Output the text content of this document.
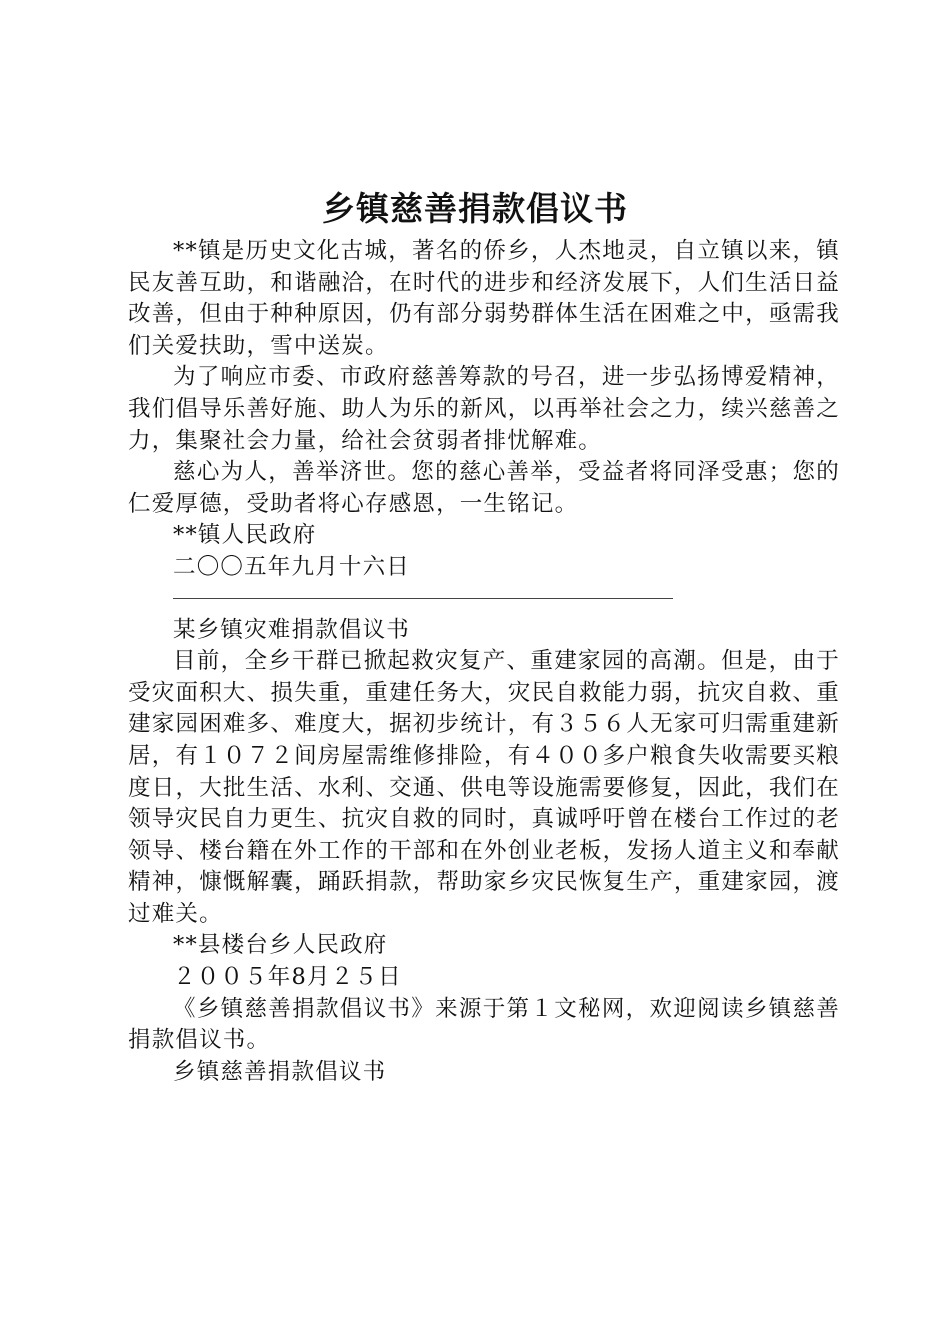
乡镇慈善捐款倡议书

**镇是历史文化古城，著名的侨乡，人杰地灵，自立镇以来，镇民友善互助，和谐融洽，在时代的进步和经济发展下，人们生活日益改善，但由于种种原因，仍有部分弱势群体生活在困难之中，亟需我们关爱扶助，雪中送炭。

为了响应市委、市政府慈善筹款的号召，进一步弘扬博爱精神，我们倡导乐善好施、助人为乐的新风，以再举社会之力，续兴慈善之力，集聚社会力量，给社会贫弱者排忧解难。

慈心为人，善举济世。您的慈心善举，受益者将同泽受惠；您的仁爱厚德，受助者将心存感恩，一生铭记。

**镇人民政府

二〇〇五年九月十六日

某乡镇灾难捐款倡议书

目前，全乡干群已掀起救灾复产、重建家园的高潮。但是，由于受灾面积大、损失重，重建任务大，灾民自救能力弱，抗灾自救、重建家园困难多、难度大，据初步统计，有３５６人无家可归需重建新居，有１０７２间房屋需维修排险，有４００多户粮食失收需要买粮度日，大批生活、水利、交通、供电等设施需要修复，因此，我们在领导灾民自力更生、抗灾自救的同时，真诚呼吁曾在楼台工作过的老领导、楼台籍在外工作的干部和在外创业老板，发扬人道主义和奉献精神，慷慨解囊，踊跃捐款，帮助家乡灾民恢复生产，重建家园，渡过难关。

**县楼台乡人民政府

２００５年8月２５日

《乡镇慈善捐款倡议书》来源于第１文秘网，欢迎阅读乡镇慈善捐款倡议书。

乡镇慈善捐款倡议书
